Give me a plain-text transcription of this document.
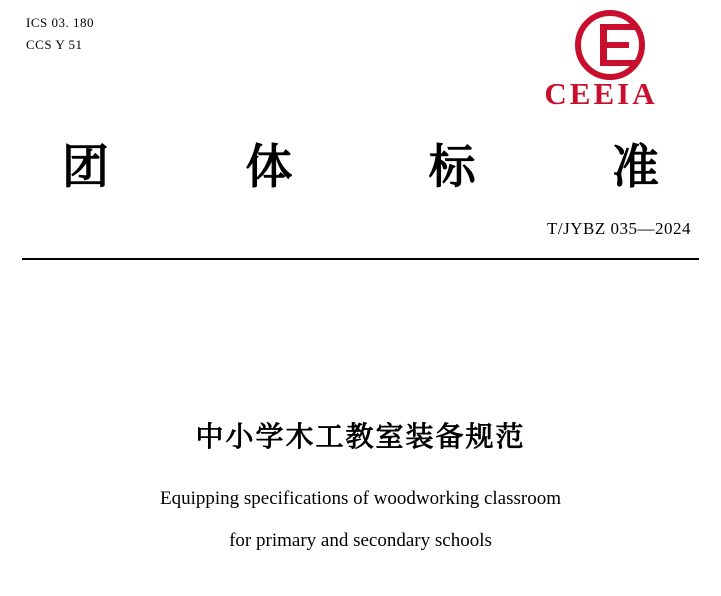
ICS 03. 180
CCS Y 51
CEEIA
团 体 标 准
T/JYBZ 035—2024
中小学木工教室装备规范
Equipping specifications of woodworking classroom
for primary and secondary schools
